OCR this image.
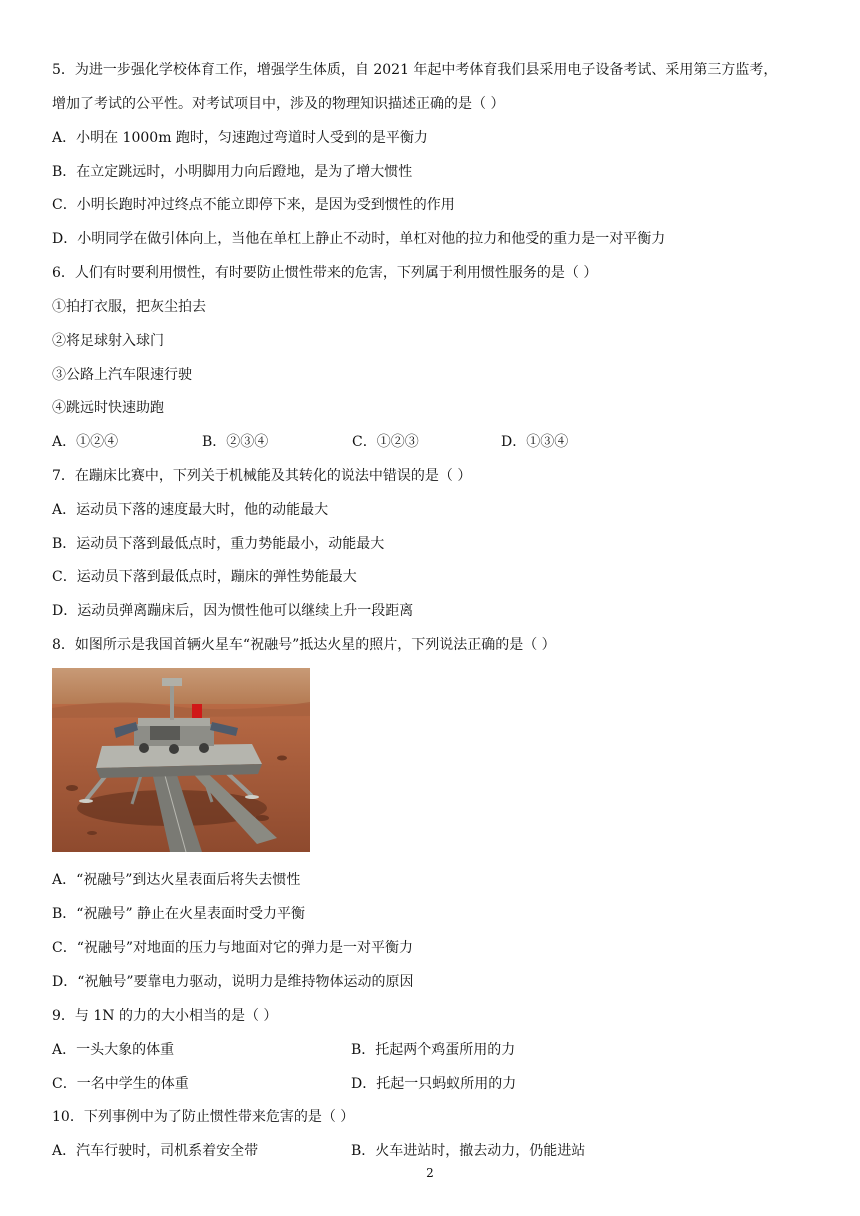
5．为进一步强化学校体育工作，增强学生体质，自 2021 年起中考体育我们县采用电子设备考试、采用第三方监考，
增加了考试的公平性。对考试项目中，涉及的物理知识描述正确的是（ ）
A．小明在 1000m 跑时，匀速跑过弯道时人受到的是平衡力
B．在立定跳远时，小明脚用力向后蹬地，是为了增大惯性
C．小明长跑时冲过终点不能立即停下来，是因为受到惯性的作用
D．小明同学在做引体向上，当他在单杠上静止不动时，单杠对他的拉力和他受的重力是一对平衡力
6．人们有时要利用惯性，有时要防止惯性带来的危害，下列属于利用惯性服务的是（ ）
①拍打衣服，把灰尘拍去
②将足球射入球门
③公路上汽车限速行驶
④跳远时快速助跑
A．①②④	B．②③④	C．①②③	D．①③④
7．在蹦床比赛中，下列关于机械能及其转化的说法中错误的是（ ）
A．运动员下落的速度最大时，他的动能最大
B．运动员下落到最低点时，重力势能最小，动能最大
C．运动员下落到最低点时，蹦床的弹性势能最大
D．运动员弹离蹦床后，因为惯性他可以继续上升一段距离
8．如图所示是我国首辆火星车“祝融号”抵达火星的照片，下列说法正确的是（ ）
A．“祝融号”到达火星表面后将失去惯性
B．“祝融号” 静止在火星表面时受力平衡
C．“祝融号”对地面的压力与地面对它的弹力是一对平衡力
D．“祝触号”要靠电力驱动，说明力是维持物体运动的原因
9．与 1N 的力的大小相当的是（ ）
A．一头大象的体重	B．托起两个鸡蛋所用的力
C．一名中学生的体重	D．托起一只蚂蚁所用的力
10．下列事例中为了防止惯性带来危害的是（ ）
A．汽车行驶时，司机系着安全带	B．火车进站时，撤去动力，仍能进站
2
